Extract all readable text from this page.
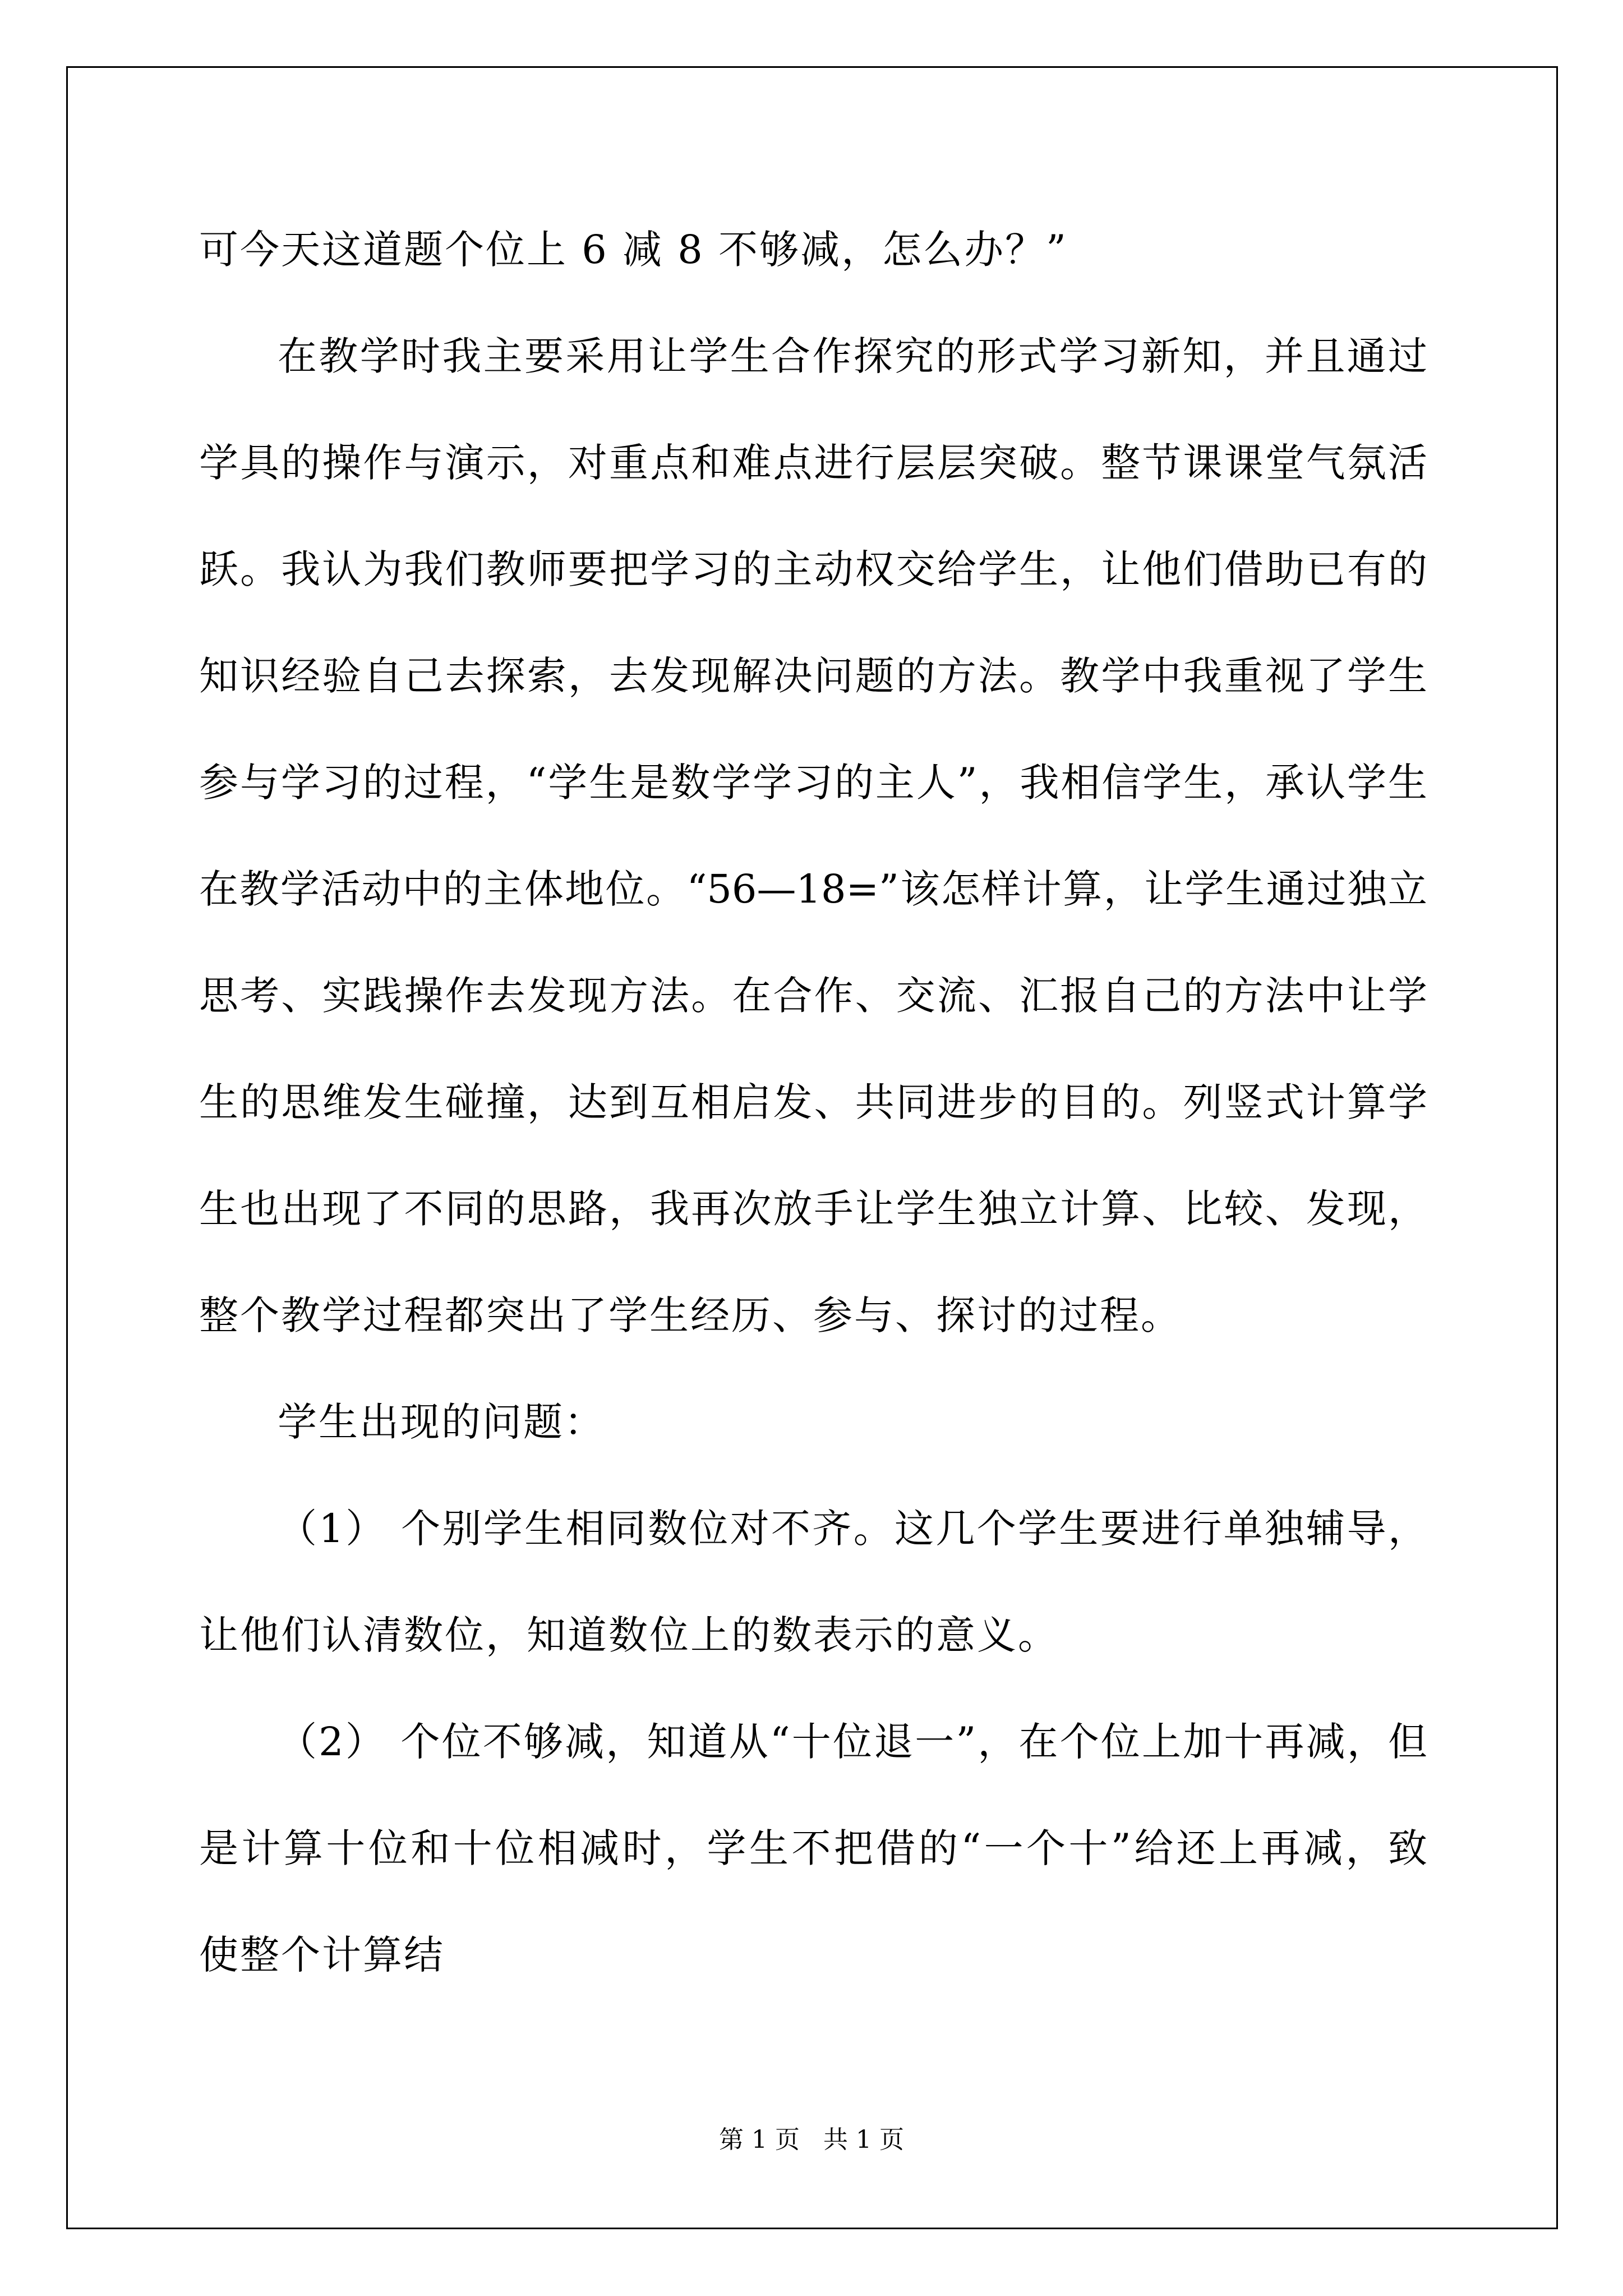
可今天这道题个位上 6 减 8 不够减，怎么办？”

在教学时我主要采用让学生合作探究的形式学习新知，并且通过

学具的操作与演示，对重点和难点进行层层突破。整节课课堂气氛活

跃。我认为我们教师要把学习的主动权交给学生，让他们借助已有的

知识经验自己去探索，去发现解决问题的方法。教学中我重视了学生

参与学习的过程，“学生是数学学习的主人”，我相信学生，承认学生

在教学活动中的主体地位。“56—18=”该怎样计算，让学生通过独立

思考、实践操作去发现方法。在合作、交流、汇报自己的方法中让学

生的思维发生碰撞，达到互相启发、共同进步的目的。列竖式计算学

生也出现了不同的思路，我再次放手让学生独立计算、比较、发现，

整个教学过程都突出了学生经历、参与、探讨的过程。

学生出现的问题：

（1） 个别学生相同数位对不齐。这几个学生要进行单独辅导，

让他们认清数位，知道数位上的数表示的意义。

（2） 个位不够减，知道从“十位退一”，在个位上加十再减，但

是计算十位和十位相减时，学生不把借的“一个十”给还上再减，致

使整个计算结

第 1 页   共 1 页
